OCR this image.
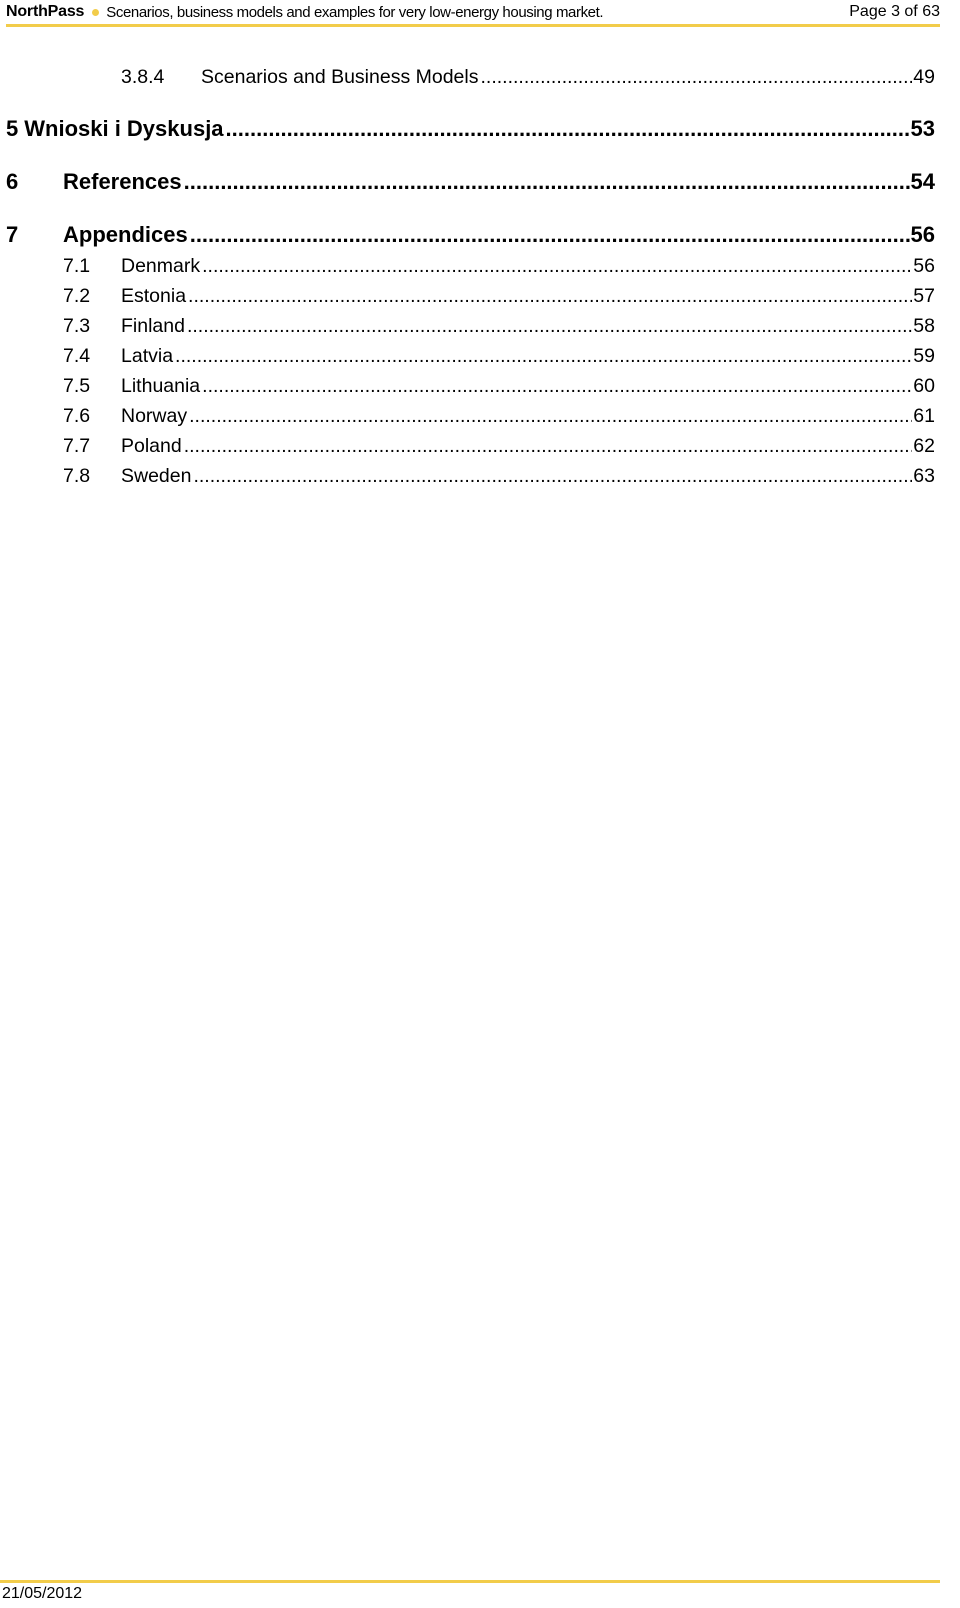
NorthPass Scenarios, business models and examples for very low-energy housing market.	Page 3 of 63
3.8.4	Scenarios and Business Models .....	49
5 Wnioski i Dyskusja .....	53
6	References .....	54
7	Appendices .....	56
7.1	Denmark .....	56
7.2	Estonia .....	57
7.3	Finland .....	58
7.4	Latvia .....	59
7.5	Lithuania .....	60
7.6	Norway .....	61
7.7	Poland .....	62
7.8	Sweden .....	63
21/05/2012
